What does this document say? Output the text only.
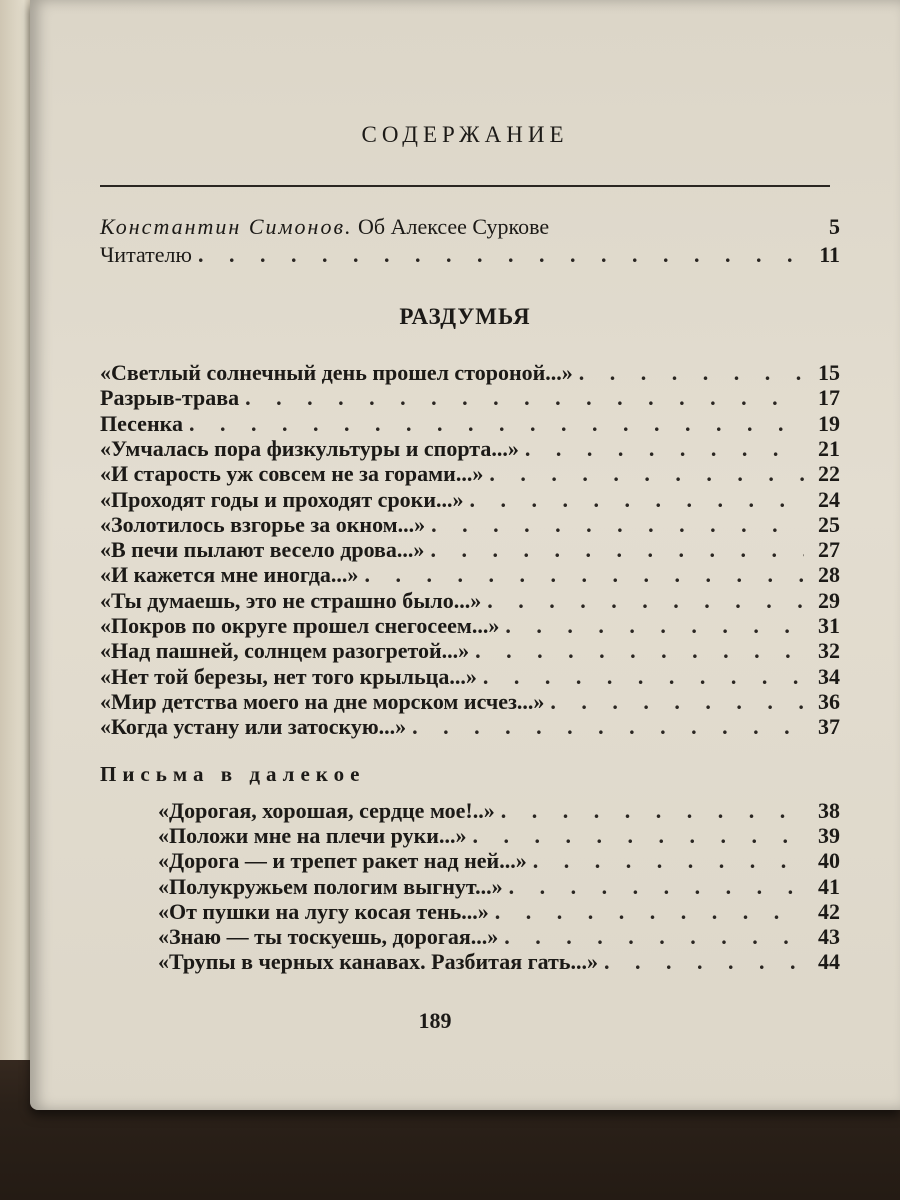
СОДЕРЖАНИЕ
Константин Симонов. Об Алексее Суркове	5
Читателю . . .	11
РАЗДУМЬЯ
«Светлый солнечный день прошел стороной...» . . .	15
Разрыв-трава . . .	17
Песенка . . .	19
«Умчалась пора физкультуры и спорта...» . . .	21
«И старость уж совсем не за горами...» . . .	22
«Проходят годы и проходят сроки...» . . .	24
«Золотилось взгорье за окном...» . . .	25
«В печи пылают весело дрова...» . . .	27
«И кажется мне иногда...» . . .	28
«Ты думаешь, это не страшно было...» . . .	29
«Покров по округе прошел снегосеем...» . . .	31
«Над пашней, солнцем разогретой...» . . .	32
«Нет той березы, нет того крыльца...» . . .	34
«Мир детства моего на дне морском исчез...» . . .	36
«Когда устану или затоскую...» . . .	37
Письма в далекое
«Дорогая, хорошая, сердце мое!..» . . .	38
«Положи мне на плечи руки...» . . .	39
«Дорога — и трепет ракет над ней...» . . .	40
«Полукружьем пологим выгнут...» . . .	41
«От пушки на лугу косая тень...» . . .	42
«Знаю — ты тоскуешь, дорогая...» . . .	43
«Трупы в черных канавах. Разбитая гать...» . . .	44
189
